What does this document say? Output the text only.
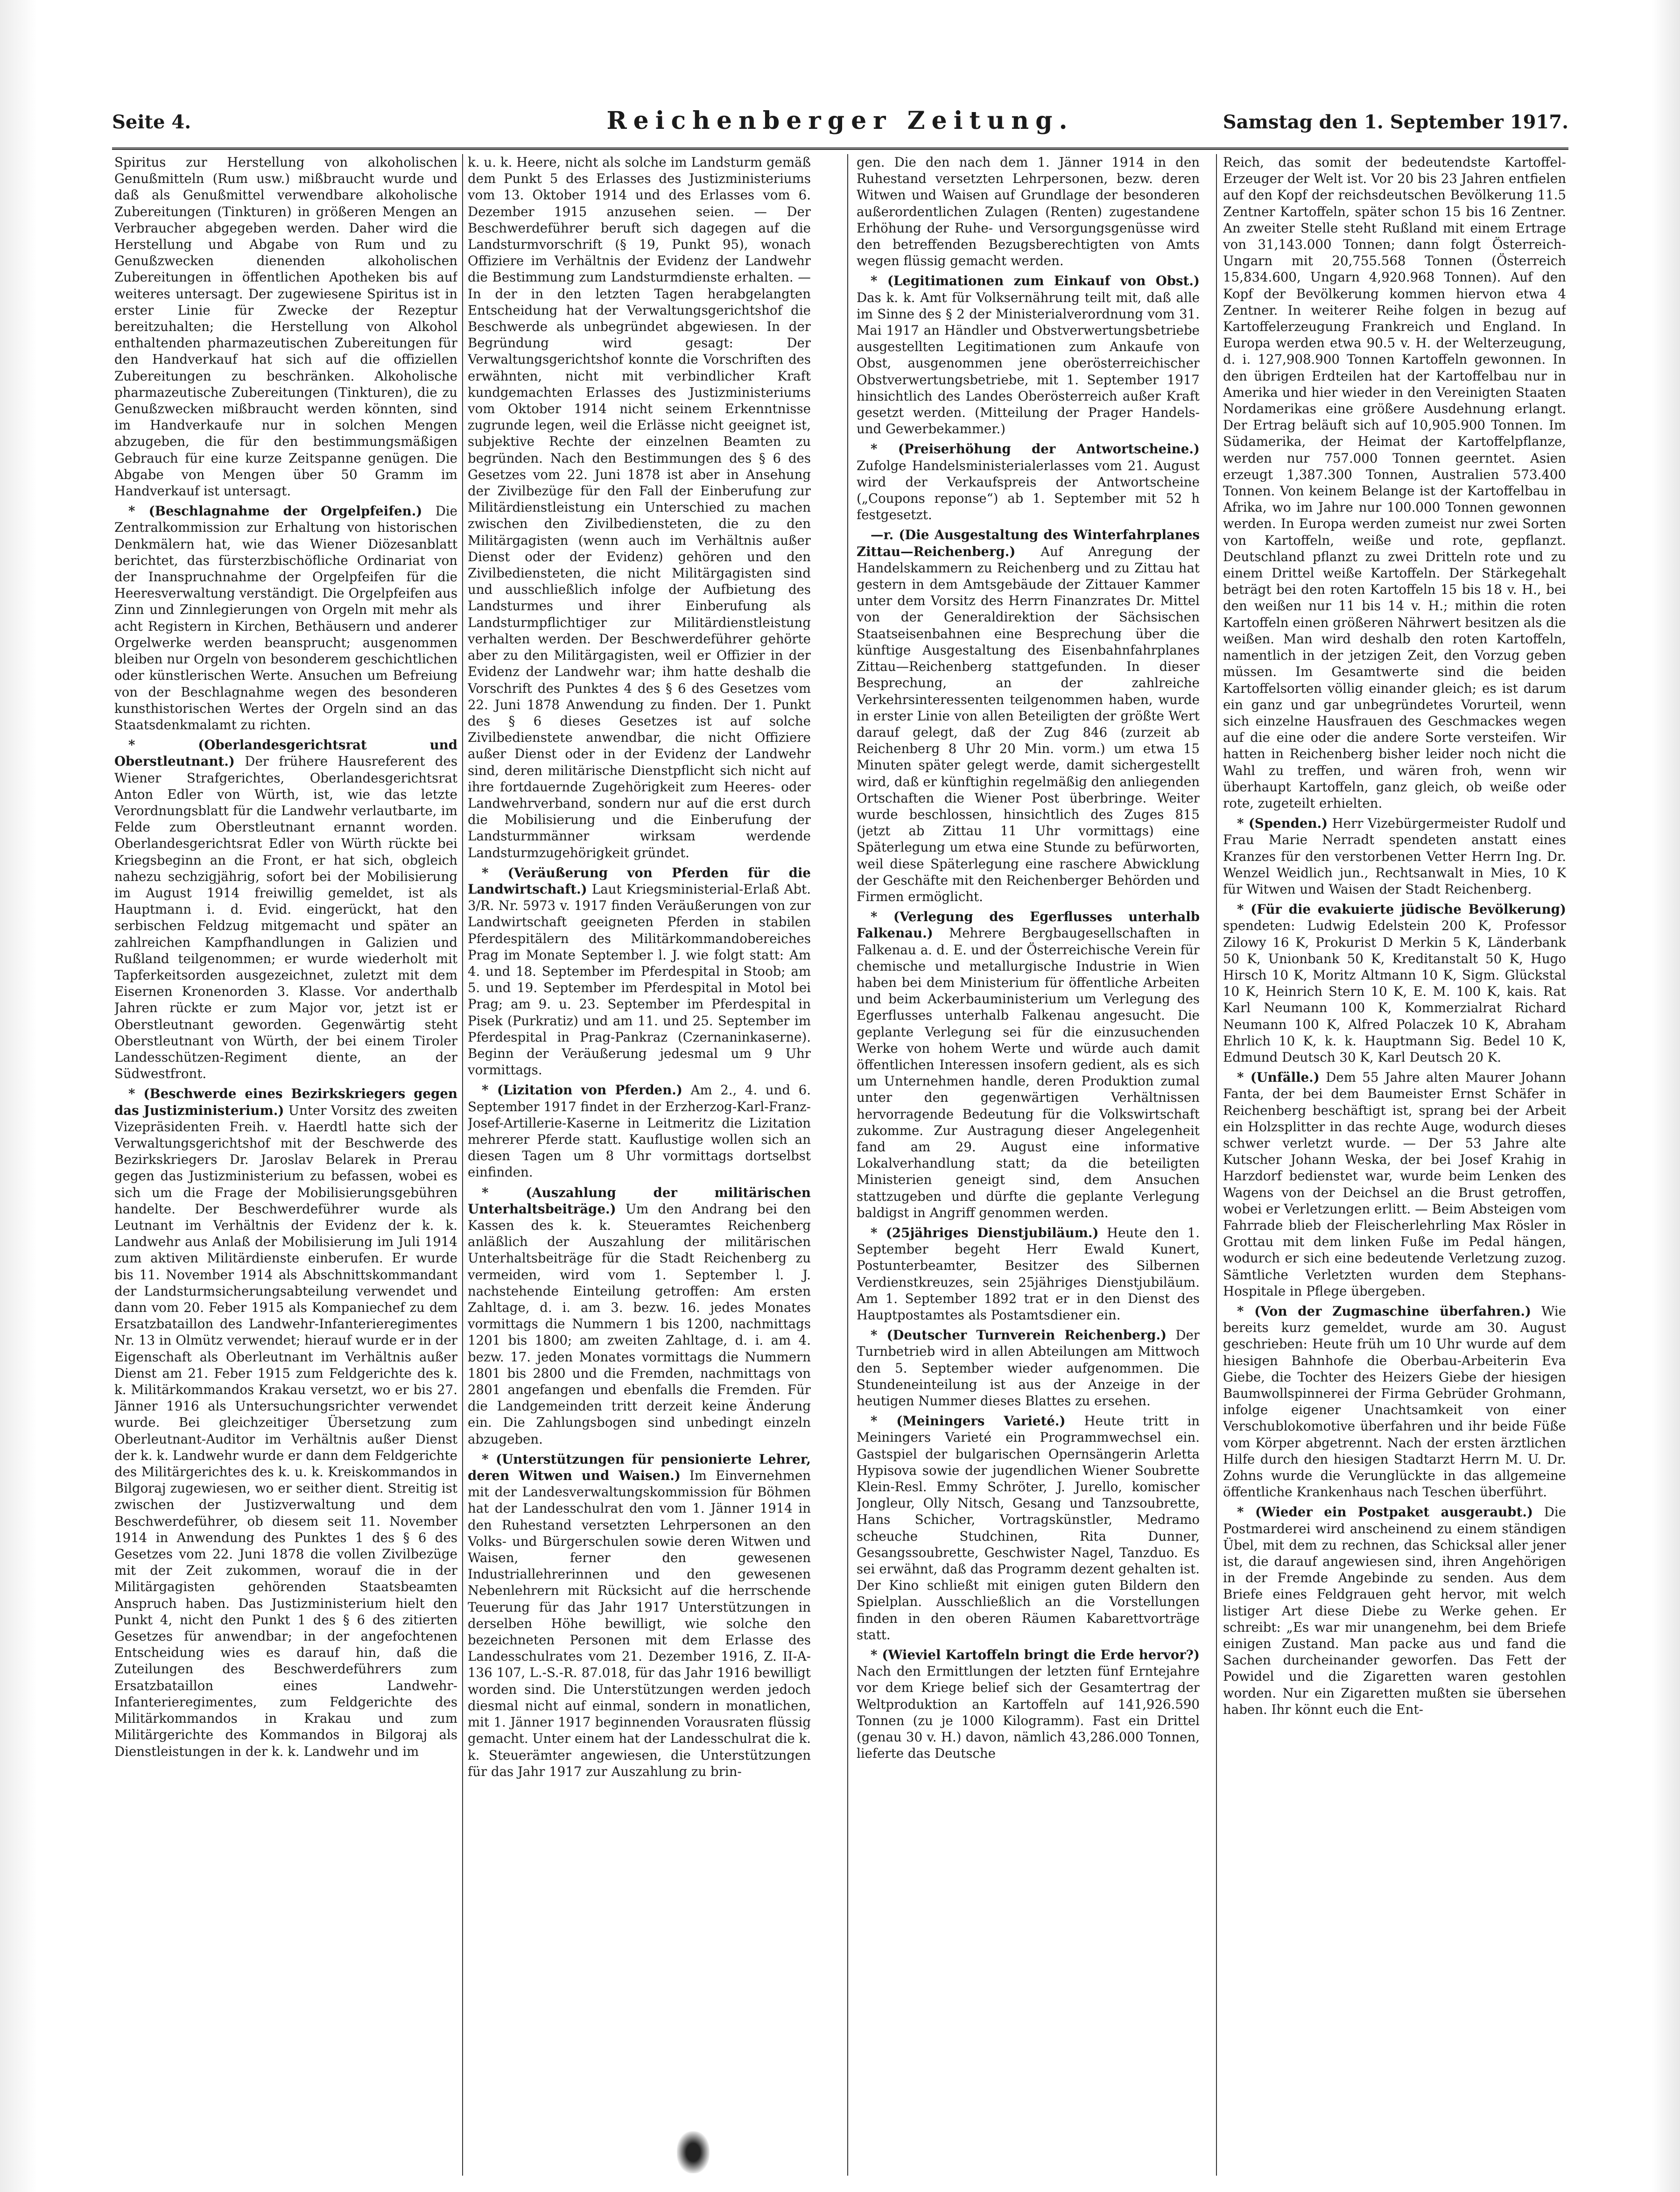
Seite 4.	Reichenberger Zeitung.	Samstag den 1. September 1917.

Spiritus zur Herstellung von alkoholischen Genußmitteln (Rum usw.) mißbraucht wurde und daß als Genußmittel verwendbare alkoholische Zubereitungen (Tinkturen) in größeren Mengen an Verbraucher abgegeben werden. Daher wird die Herstellung und Abgabe von Rum und zu Genußzwecken dienenden alkoholischen Zubereitungen in öffentlichen Apotheken bis auf weiteres untersagt. Der zugewiesene Spiritus ist in erster Linie für Zwecke der Rezeptur bereitzuhalten; die Herstellung von Alkohol enthaltenden pharmazeutischen Zubereitungen für den Handverkauf hat sich auf die offiziellen Zubereitungen zu beschränken. Alkoholische pharmazeutische Zubereitungen (Tinkturen), die zu Genußzwecken mißbraucht werden könnten, sind im Handverkaufe nur in solchen Mengen abzugeben, die für den bestimmungsmäßigen Gebrauch für eine kurze Zeitspanne genügen. Die Abgabe von Mengen über 50 Gramm im Handverkauf ist untersagt.

* (Beschlagnahme der Orgelpfeifen.) Die Zentralkommission zur Erhaltung von historischen Denkmälern hat, wie das Wiener Diözesanblatt berichtet, das fürsterzbischöfliche Ordinariat von der Inanspruchnahme der Orgelpfeifen für die Heeresverwaltung verständigt. Die Orgelpfeifen aus Zinn und Zinnlegierungen von Orgeln mit mehr als acht Registern in Kirchen, Bethäusern und anderer Orgelwerke werden beansprucht; ausgenommen bleiben nur Orgeln von besonderem geschichtlichen oder künstlerischen Werte. Ansuchen um Befreiung von der Beschlagnahme wegen des besonderen kunsthistorischen Wertes der Orgeln sind an das Staatsdenkmalamt zu richten.

* (Oberlandesgerichtsrat und Oberstleutnant.) Der frühere Hausreferent des Wiener Strafgerichtes, Oberlandesgerichtsrat Anton Edler von Würth, ist, wie das letzte Verordnungsblatt für die Landwehr verlautbarte, im Felde zum Oberstleutnant ernannt worden. Oberlandesgerichtsrat Edler von Würth rückte bei Kriegsbeginn an die Front, er hat sich, obgleich nahezu sechzigjährig, sofort bei der Mobilisierung im August 1914 freiwillig gemeldet, ist als Hauptmann i. d. Evid. eingerückt, hat den serbischen Feldzug mitgemacht und später an zahlreichen Kampfhandlungen in Galizien und Rußland teilgenommen; er wurde wiederholt mit Tapferkeitsorden ausgezeichnet, zuletzt mit dem Eisernen Kronenorden 3. Klasse. Vor anderthalb Jahren rückte er zum Major vor, jetzt ist er Oberstleutnant geworden. Gegenwärtig steht Oberstleutnant von Würth, der bei einem Tiroler Landesschützen-Regiment diente, an der Südwestfront.

* (Beschwerde eines Bezirkskriegers gegen das Justizministerium.) Unter Vorsitz des zweiten Vizepräsidenten Freih. v. Haerdtl hatte sich der Verwaltungsgerichtshof mit der Beschwerde des Bezirkskriegers Dr. Jaroslav Belarek in Prerau gegen das Justizministerium zu befassen, wobei es sich um die Frage der Mobilisierungsgebühren handelte. Der Beschwerdeführer wurde als Leutnant im Verhältnis der Evidenz der k. k. Landwehr aus Anlaß der Mobilisierung im Juli 1914 zum aktiven Militärdienste einberufen. Er wurde bis 11. November 1914 als Abschnittskommandant der Landsturmsicherungsabteilung verwendet und dann vom 20. Feber 1915 als Kompaniechef zu dem Ersatzbataillon des Landwehr-Infanterieregimentes Nr. 13 in Olmütz verwendet; hierauf wurde er in der Eigenschaft als Oberleutnant im Verhältnis außer Dienst am 21. Feber 1915 zum Feldgerichte des k. k. Militärkommandos Krakau versetzt, wo er bis 27. Jänner 1916 als Untersuchungsrichter verwendet wurde. Bei gleichzeitiger Übersetzung zum Oberleutnant-Auditor im Verhältnis außer Dienst der k. k. Landwehr wurde er dann dem Feldgerichte des Militärgerichtes des k. u. k. Kreiskommandos in Bilgoraj zugewiesen, wo er seither dient. Streitig ist zwischen der Justizverwaltung und dem Beschwerdeführer, ob diesem seit 11. November 1914 in Anwendung des Punktes 1 des § 6 des Gesetzes vom 22. Juni 1878 die vollen Zivilbezüge mit der Zeit zukommen, worauf die in der Militärgagisten gehörenden Staatsbeamten Anspruch haben. Das Justizministerium hielt den Punkt 4, nicht den Punkt 1 des § 6 des zitierten Gesetzes für anwendbar; in der angefochtenen Entscheidung wies es darauf hin, daß die Zuteilungen des Beschwerdeführers zum Ersatzbataillon eines Landwehr-Infanterieregimentes, zum Feldgerichte des Militärkommandos in Krakau und zum Militärgerichte des Kommandos in Bilgoraj als Dienstleistungen in der k. k. Landwehr und im

k. u. k. Heere, nicht als solche im Landsturm gemäß dem Punkt 5 des Erlasses des Justizministeriums vom 13. Oktober 1914 und des Erlasses vom 6. Dezember 1915 anzusehen seien. — Der Beschwerdeführer beruft sich dagegen auf die Landsturmvorschrift (§ 19, Punkt 95), wonach Offiziere im Verhältnis der Evidenz der Landwehr die Bestimmung zum Landsturmdienste erhalten. — In der in den letzten Tagen herabgelangten Entscheidung hat der Verwaltungsgerichtshof die Beschwerde als unbegründet abgewiesen. In der Begründung wird gesagt: Der Verwaltungsgerichtshof konnte die Vorschriften des erwähnten, nicht mit verbindlicher Kraft kundgemachten Erlasses des Justizministeriums vom Oktober 1914 nicht seinem Erkenntnisse zugrunde legen, weil die Erlässe nicht geeignet ist, subjektive Rechte der einzelnen Beamten zu begründen. Nach den Bestimmungen des § 6 des Gesetzes vom 22. Juni 1878 ist aber in Ansehung der Zivilbezüge für den Fall der Einberufung zur Militärdienstleistung ein Unterschied zu machen zwischen den Zivilbediensteten, die zu den Militärgagisten (wenn auch im Verhältnis außer Dienst oder der Evidenz) gehören und den Zivilbediensteten, die nicht Militärgagisten sind und ausschließlich infolge der Aufbietung des Landsturmes und ihrer Einberufung als Landsturmpflichtiger zur Militärdienstleistung verhalten werden. Der Beschwerdeführer gehörte aber zu den Militärgagisten, weil er Offizier in der Evidenz der Landwehr war; ihm hatte deshalb die Vorschrift des Punktes 4 des § 6 des Gesetzes vom 22. Juni 1878 Anwendung zu finden. Der 1. Punkt des § 6 dieses Gesetzes ist auf solche Zivilbedienstete anwendbar, die nicht Offiziere außer Dienst oder in der Evidenz der Landwehr sind, deren militärische Dienstpflicht sich nicht auf ihre fortdauernde Zugehörigkeit zum Heeres- oder Landwehrverband, sondern nur auf die erst durch die Mobilisierung und die Einberufung der Landsturmmänner wirksam werdende Landsturmzugehörigkeit gründet.

* (Veräußerung von Pferden für die Landwirtschaft.) Laut Kriegsministerial-Erlaß Abt. 3/R. Nr. 5973 v. 1917 finden Veräußerungen von zur Landwirtschaft geeigneten Pferden in stabilen Pferdespitälern des Militärkommandobereiches Prag im Monate September l. J. wie folgt statt: Am 4. und 18. September im Pferdespital in Stoob; am 5. und 19. September im Pferdespital in Motol bei Prag; am 9. u. 23. September im Pferdespital in Pisek (Purkratiz) und am 11. und 25. September im Pferdespital in Prag-Pankraz (Czernaninkaserne). Beginn der Veräußerung jedesmal um 9 Uhr vormittags.

* (Lizitation von Pferden.) Am 2., 4. und 6. September 1917 findet in der Erzherzog-Karl-Franz-Josef-Artillerie-Kaserne in Leitmeritz die Lizitation mehrerer Pferde statt. Kauflustige wollen sich an diesen Tagen um 8 Uhr vormittags dortselbst einfinden.

* (Auszahlung der militärischen Unterhaltsbeiträge.) Um den Andrang bei den Kassen des k. k. Steueramtes Reichenberg anläßlich der Auszahlung der militärischen Unterhaltsbeiträge für die Stadt Reichenberg zu vermeiden, wird vom 1. September l. J. nachstehende Einteilung getroffen: Am ersten Zahltage, d. i. am 3. bezw. 16. jedes Monates vormittags die Nummern 1 bis 1200, nachmittags 1201 bis 1800; am zweiten Zahltage, d. i. am 4. bezw. 17. jeden Monates vormittags die Nummern 1801 bis 2800 und die Fremden, nachmittags von 2801 angefangen und ebenfalls die Fremden. Für die Landgemeinden tritt derzeit keine Änderung ein. Die Zahlungsbogen sind unbedingt einzeln abzugeben.

* (Unterstützungen für pensionierte Lehrer, deren Witwen und Waisen.) Im Einvernehmen mit der Landesverwaltungskommission für Böhmen hat der Landesschulrat den vom 1. Jänner 1914 in den Ruhestand versetzten Lehrpersonen an den Volks- und Bürgerschulen sowie deren Witwen und Waisen, ferner den gewesenen Industriallehrerinnen und den gewesenen Nebenlehrern mit Rücksicht auf die herrschende Teuerung für das Jahr 1917 Unterstützungen in derselben Höhe bewilligt, wie solche den bezeichneten Personen mit dem Erlasse des Landesschulrates vom 21. Dezember 1916, Z. II-A-136 107, L.-S.-R. 87.018, für das Jahr 1916 bewilligt worden sind. Die Unterstützungen werden jedoch diesmal nicht auf einmal, sondern in monatlichen, mit 1. Jänner 1917 beginnenden Vorausraten flüssig gemacht. Unter einem hat der Landesschulrat die k. k. Steuerämter angewiesen, die Unterstützungen für das Jahr 1917 zur Auszahlung zu brin-

gen. Die den nach dem 1. Jänner 1914 in den Ruhestand versetzten Lehrpersonen, bezw. deren Witwen und Waisen auf Grundlage der besonderen außerordentlichen Zulagen (Renten) zugestandene Erhöhung der Ruhe- und Versorgungsgenüsse wird den betreffenden Bezugsberechtigten von Amts wegen flüssig gemacht werden.

* (Legitimationen zum Einkauf von Obst.) Das k. k. Amt für Volksernährung teilt mit, daß alle im Sinne des § 2 der Ministerialverordnung vom 31. Mai 1917 an Händler und Obstverwertungsbetriebe ausgestellten Legitimationen zum Ankaufe von Obst, ausgenommen jene oberösterreichischer Obstverwertungsbetriebe, mit 1. September 1917 hinsichtlich des Landes Oberösterreich außer Kraft gesetzt werden. (Mitteilung der Prager Handels- und Gewerbekammer.)

* (Preiserhöhung der Antwortscheine.) Zufolge Handelsministerialerlasses vom 21. August wird der Verkaufspreis der Antwortscheine („Coupons reponse“) ab 1. September mit 52 h festgesetzt.

—r. (Die Ausgestaltung des Winterfahrplanes Zittau—Reichenberg.) Auf Anregung der Handelskammern zu Reichenberg und zu Zittau hat gestern in dem Amtsgebäude der Zittauer Kammer unter dem Vorsitz des Herrn Finanzrates Dr. Mittel von der Generaldirektion der Sächsischen Staatseisenbahnen eine Besprechung über die künftige Ausgestaltung des Eisenbahnfahrplanes Zittau—Reichenberg stattgefunden. In dieser Besprechung, an der zahlreiche Verkehrsinteressenten teilgenommen haben, wurde in erster Linie von allen Beteiligten der größte Wert darauf gelegt, daß der Zug 846 (zurzeit ab Reichenberg 8 Uhr 20 Min. vorm.) um etwa 15 Minuten später gelegt werde, damit sichergestellt wird, daß er künftighin regelmäßig den anliegenden Ortschaften die Wiener Post überbringe. Weiter wurde beschlossen, hinsichtlich des Zuges 815 (jetzt ab Zittau 11 Uhr vormittags) eine Späterlegung um etwa eine Stunde zu befürworten, weil diese Späterlegung eine raschere Abwicklung der Geschäfte mit den Reichenberger Behörden und Firmen ermöglicht.

* (Verlegung des Egerflusses unterhalb Falkenau.) Mehrere Bergbaugesellschaften in Falkenau a. d. E. und der Österreichische Verein für chemische und metallurgische Industrie in Wien haben bei dem Ministerium für öffentliche Arbeiten und beim Ackerbauministerium um Verlegung des Egerflusses unterhalb Falkenau angesucht. Die geplante Verlegung sei für die einzusuchenden Werke von hohem Werte und würde auch damit öffentlichen Interessen insofern gedient, als es sich um Unternehmen handle, deren Produktion zumal unter den gegenwärtigen Verhältnissen hervorragende Bedeutung für die Volkswirtschaft zukomme. Zur Austragung dieser Angelegenheit fand am 29. August eine informative Lokalverhandlung statt; da die beteiligten Ministerien geneigt sind, dem Ansuchen stattzugeben und dürfte die geplante Verlegung baldigst in Angriff genommen werden.

* (25jähriges Dienstjubiläum.) Heute den 1. September begeht Herr Ewald Kunert, Postunterbeamter, Besitzer des Silbernen Verdienstkreuzes, sein 25jähriges Dienstjubiläum. Am 1. September 1892 trat er in den Dienst des Hauptpostamtes als Postamtsdiener ein.

* (Deutscher Turnverein Reichenberg.) Der Turnbetrieb wird in allen Abteilungen am Mittwoch den 5. September wieder aufgenommen. Die Stundeneinteilung ist aus der Anzeige in der heutigen Nummer dieses Blattes zu ersehen.

* (Meiningers Varieté.) Heute tritt in Meiningers Varieté ein Programmwechsel ein. Gastspiel der bulgarischen Opernsängerin Arletta Hypisova sowie der jugendlichen Wiener Soubrette Klein-Resl. Emmy Schröter, J. Jurello, komischer Jongleur, Olly Nitsch, Gesang und Tanzsoubrette, Hans Schicher, Vortragskünstler, Medramo scheuche Studchinen, Rita Dunner, Gesangssoubrette, Geschwister Nagel, Tanzduo. Es sei erwähnt, daß das Programm dezent gehalten ist. Der Kino schließt mit einigen guten Bildern den Spielplan. Ausschließlich an die Vorstellungen finden in den oberen Räumen Kabarettvorträge statt.

* (Wieviel Kartoffeln bringt die Erde hervor?) Nach den Ermittlungen der letzten fünf Erntejahre vor dem Kriege belief sich der Gesamtertrag der Weltproduktion an Kartoffeln auf 141,926.590 Tonnen (zu je 1000 Kilogramm). Fast ein Drittel (genau 30 v. H.) davon, nämlich 43,286.000 Tonnen, lieferte das Deutsche

Reich, das somit der bedeutendste Kartoffel-Erzeuger der Welt ist. Vor 20 bis 23 Jahren entfielen auf den Kopf der reichsdeutschen Bevölkerung 11.5 Zentner Kartoffeln, später schon 15 bis 16 Zentner. An zweiter Stelle steht Rußland mit einem Ertrage von 31,143.000 Tonnen; dann folgt Österreich-Ungarn mit 20,755.568 Tonnen (Österreich 15,834.600, Ungarn 4,920.968 Tonnen). Auf den Kopf der Bevölkerung kommen hiervon etwa 4 Zentner. In weiterer Reihe folgen in bezug auf Kartoffelerzeugung Frankreich und England. In Europa werden etwa 90.5 v. H. der Welterzeugung, d. i. 127,908.900 Tonnen Kartoffeln gewonnen. In den übrigen Erdteilen hat der Kartoffelbau nur in Amerika und hier wieder in den Vereinigten Staaten Nordamerikas eine größere Ausdehnung erlangt. Der Ertrag beläuft sich auf 10,905.900 Tonnen. Im Südamerika, der Heimat der Kartoffelpflanze, werden nur 757.000 Tonnen geerntet. Asien erzeugt 1,387.300 Tonnen, Australien 573.400 Tonnen. Von keinem Belange ist der Kartoffelbau in Afrika, wo im Jahre nur 100.000 Tonnen gewonnen werden. In Europa werden zumeist nur zwei Sorten von Kartoffeln, weiße und rote, gepflanzt. Deutschland pflanzt zu zwei Dritteln rote und zu einem Drittel weiße Kartoffeln. Der Stärkegehalt beträgt bei den roten Kartoffeln 15 bis 18 v. H., bei den weißen nur 11 bis 14 v. H.; mithin die roten Kartoffeln einen größeren Nährwert besitzen als die weißen. Man wird deshalb den roten Kartoffeln, namentlich in der jetzigen Zeit, den Vorzug geben müssen. Im Gesamtwerte sind die beiden Kartoffelsorten völlig einander gleich; es ist darum ein ganz und gar unbegründetes Vorurteil, wenn sich einzelne Hausfrauen des Geschmackes wegen auf die eine oder die andere Sorte versteifen. Wir hatten in Reichenberg bisher leider noch nicht die Wahl zu treffen, und wären froh, wenn wir überhaupt Kartoffeln, ganz gleich, ob weiße oder rote, zugeteilt erhielten.

* (Spenden.) Herr Vizebürgermeister Rudolf und Frau Marie Nerradt spendeten anstatt eines Kranzes für den verstorbenen Vetter Herrn Ing. Dr. Wenzel Weidlich jun., Rechtsanwalt in Mies, 10 K für Witwen und Waisen der Stadt Reichenberg.

* (Für die evakuierte jüdische Bevölkerung) spendeten: Ludwig Edelstein 200 K, Professor Zilowy 16 K, Prokurist D Merkin 5 K, Länderbank 50 K, Unionbank 50 K, Kreditanstalt 50 K, Hugo Hirsch 10 K, Moritz Altmann 10 K, Sigm. Glückstal 10 K, Heinrich Stern 10 K, E. M. 100 K, kais. Rat Karl Neumann 100 K, Kommerzialrat Richard Neumann 100 K, Alfred Polaczek 10 K, Abraham Ehrlich 10 K, k. k. Hauptmann Sig. Bedel 10 K, Edmund Deutsch 30 K, Karl Deutsch 20 K.

* (Unfälle.) Dem 55 Jahre alten Maurer Johann Fanta, der bei dem Baumeister Ernst Schäfer in Reichenberg beschäftigt ist, sprang bei der Arbeit ein Holzsplitter in das rechte Auge, wodurch dieses schwer verletzt wurde. — Der 53 Jahre alte Kutscher Johann Weska, der bei Josef Krahig in Harzdorf bedienstet war, wurde beim Lenken des Wagens von der Deichsel an die Brust getroffen, wobei er Verletzungen erlitt. — Beim Absteigen vom Fahrrade blieb der Fleischerlehrling Max Rösler in Grottau mit dem linken Fuße im Pedal hängen, wodurch er sich eine bedeutende Verletzung zuzog. Sämtliche Verletzten wurden dem Stephans-Hospitale in Pflege übergeben.

* (Von der Zugmaschine überfahren.) Wie bereits kurz gemeldet, wurde am 30. August geschrieben: Heute früh um 10 Uhr wurde auf dem hiesigen Bahnhofe die Oberbau-Arbeiterin Eva Giebe, die Tochter des Heizers Giebe der hiesigen Baumwollspinnerei der Firma Gebrüder Grohmann, infolge eigener Unachtsamkeit von einer Verschublokomotive überfahren und ihr beide Füße vom Körper abgetrennt. Nach der ersten ärztlichen Hilfe durch den hiesigen Stadtarzt Herrn M. U. Dr. Zohns wurde die Verunglückte in das allgemeine öffentliche Krankenhaus nach Teschen überführt.

* (Wieder ein Postpaket ausgeraubt.) Die Postmarderei wird anscheinend zu einem ständigen Übel, mit dem zu rechnen, das Schicksal aller jener ist, die darauf angewiesen sind, ihren Angehörigen in der Fremde Angebinde zu senden. Aus dem Briefe eines Feldgrauen geht hervor, mit welch listiger Art diese Diebe zu Werke gehen. Er schreibt: „Es war mir unangenehm, bei dem Briefe einigen Zustand. Man packe aus und fand die Sachen durcheinander geworfen. Das Fett der Powidel und die Zigaretten waren gestohlen worden. Nur ein Zigaretten mußten sie übersehen haben. Ihr könnt euch die Ent-
